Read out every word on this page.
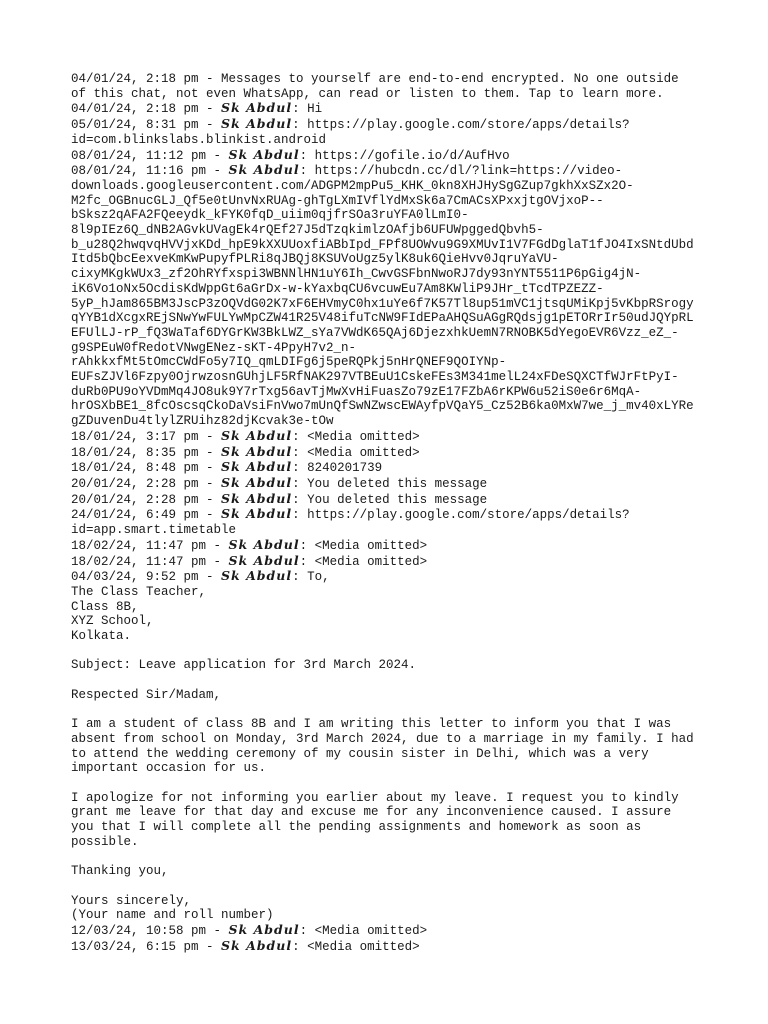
04/01/24, 2:18 pm - Messages to yourself are end-to-end encrypted. No one outside
of this chat, not even WhatsApp, can read or listen to them. Tap to learn more.
04/01/24, 2:18 pm - 𝑺𝒌 𝑨𝒃𝒅𝒖𝒍: Hi
05/01/24, 8:31 pm - 𝑺𝒌 𝑨𝒃𝒅𝒖𝒍: https://play.google.com/store/apps/details?
id=com.blinkslabs.blinkist.android
08/01/24, 11:12 pm - 𝑺𝒌 𝑨𝒃𝒅𝒖𝒍: https://gofile.io/d/AufHvo
08/01/24, 11:16 pm - 𝑺𝒌 𝑨𝒃𝒅𝒖𝒍: https://hubcdn.cc/dl/?link=https://video-
downloads.googleusercontent.com/ADGPM2mpPu5_KHK_0kn8XHJHySgGZup7gkhXxSZx2O-
M2fc_OGBnucGLJ_Qf5e0tUnvNxRUAg-ghTgLXmIVflYdMxSk6a7CmACsXPxxjtgOVjxoP--
bSksz2qAFA2FQeeydk_kFYK0fqD_uiim0qjfrSOa3ruYFA0lLmI0-
8l9pIEz6Q_dNB2AGvkUVagEk4rQEf27J5dTzqkimlzOAfjb6UFUWpggedQbvh5-
b_u28Q2hwqvqHVVjxKDd_hpE9kXXUUoxfiABbIpd_FPf8UOWvu9G9XMUvI1V7FGdDglaT1fJO4IxSNtdUbd
Itd5bQbcEexveKmKwPupyfPLRi8qJBQj8KSUVoUgz5ylK8uk6QieHvv0JqruYaVU-
cixyMKgkWUx3_zf2OhRYfxspi3WBNNlHN1uY6Ih_CwvGSFbnNwoRJ7dy93nYNT5511P6pGig4jN-
iK6Vo1oNx5OcdisKdWppGt6aGrDx-w-kYaxbqCU6vcuwEu7Am8KWliP9JHr_tTcdTPZEZZ-
5yP_hJam865BM3JscP3zOQVdG02K7xF6EHVmyC0hx1uYe6f7K57Tl8up51mVC1jtsqUMiKpj5vKbpRSrogy
qYYB1dXcgxREjSNwYwFULYwMpCZW41R25V48ifuTcNW9FIdEPaAHQSuAGgRQdsjg1pETORrIr50udJQYpRL
EFUlLJ-rP_fQ3WaTaf6DYGrKW3BkLWZ_sYa7VWdK65QAj6DjezxhkUemN7RNOBK5dYegoEVR6Vzz_eZ_-
g9SPEuW0fRedotVNwgENez-sKT-4PpyH7v2_n-
rAhkkxfMt5tOmcCWdFo5y7IQ_qmLDIFg6j5peRQPkj5nHrQNEF9QOIYNp-
EUFsZJVl6Fzpy0OjrwzosnGUhjLF5RfNAK297VTBEuU1CskeFEs3M341melL24xFDeSQXCTfWJrFtPyI-
duRb0PU9oYVDmMq4JO8uk9Y7rTxg56avTjMwXvHiFuasZo79zE17FZbA6rKPW6u52iS0e6r6MqA-
hrOSXbBE1_8fcOscsqCkoDaVsiFnVwo7mUnQfSwNZwscEWAyfpVQaY5_Cz52B6ka0MxW7we_j_mv40xLYRe
gZDuvenDu4tlylZRUihz82djKcvak3e-tOw
18/01/24, 3:17 pm - 𝑺𝒌 𝑨𝒃𝒅𝒖𝒍: <Media omitted>
18/01/24, 8:35 pm - 𝑺𝒌 𝑨𝒃𝒅𝒖𝒍: <Media omitted>
18/01/24, 8:48 pm - 𝑺𝒌 𝑨𝒃𝒅𝒖𝒍: 8240201739
20/01/24, 2:28 pm - 𝑺𝒌 𝑨𝒃𝒅𝒖𝒍: You deleted this message
20/01/24, 2:28 pm - 𝑺𝒌 𝑨𝒃𝒅𝒖𝒍: You deleted this message
24/01/24, 6:49 pm - 𝑺𝒌 𝑨𝒃𝒅𝒖𝒍: https://play.google.com/store/apps/details?
id=app.smart.timetable
18/02/24, 11:47 pm - 𝑺𝒌 𝑨𝒃𝒅𝒖𝒍: <Media omitted>
18/02/24, 11:47 pm - 𝑺𝒌 𝑨𝒃𝒅𝒖𝒍: <Media omitted>
04/03/24, 9:52 pm - 𝑺𝒌 𝑨𝒃𝒅𝒖𝒍: To,
The Class Teacher,
Class 8B,
XYZ School,
Kolkata.
Subject: Leave application for 3rd March 2024.
Respected Sir/Madam,
I am a student of class 8B and I am writing this letter to inform you that I was
absent from school on Monday, 3rd March 2024, due to a marriage in my family. I had
to attend the wedding ceremony of my cousin sister in Delhi, which was a very
important occasion for us.
I apologize for not informing you earlier about my leave. I request you to kindly
grant me leave for that day and excuse me for any inconvenience caused. I assure
you that I will complete all the pending assignments and homework as soon as
possible.
Thanking you,
Yours sincerely,
(Your name and roll number)
12/03/24, 10:58 pm - 𝑺𝒌 𝑨𝒃𝒅𝒖𝒍: <Media omitted>
13/03/24, 6:15 pm - 𝑺𝒌 𝑨𝒃𝒅𝒖𝒍: <Media omitted>
